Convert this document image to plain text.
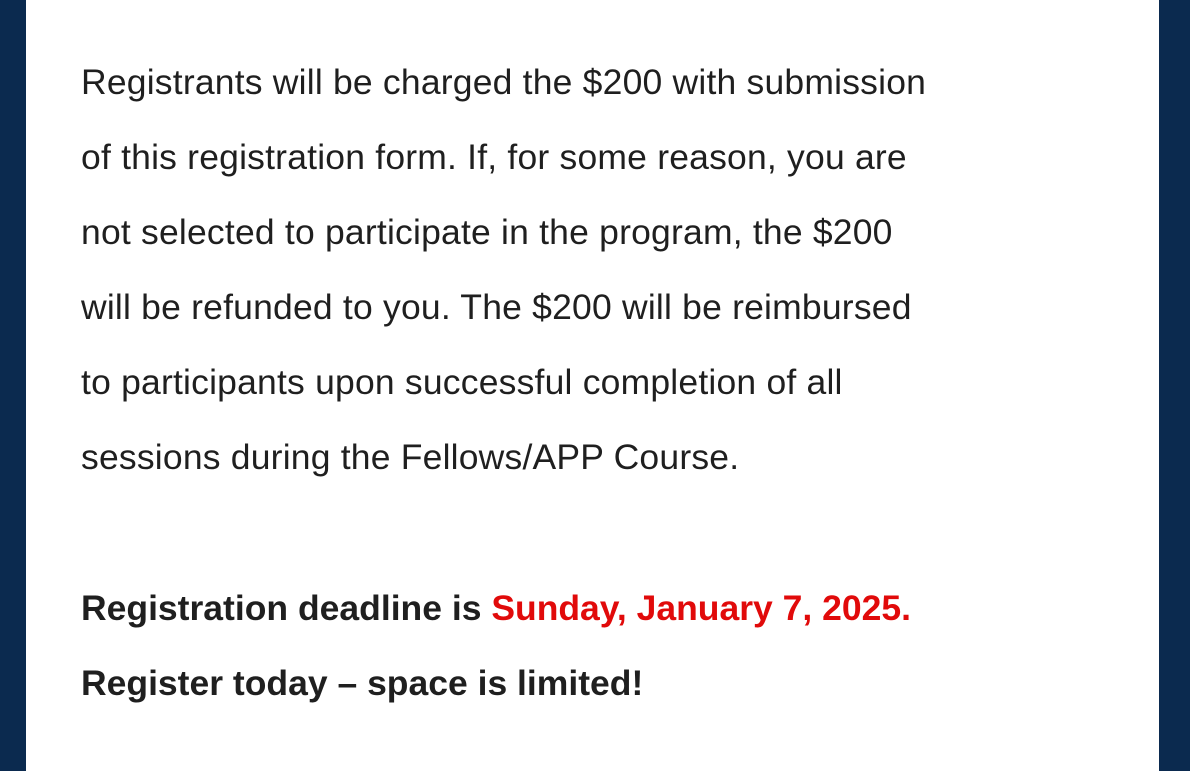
Registrants will be charged the $200 with submission
of this registration form. If, for some reason, you are
not selected to participate in the program, the $200
will be refunded to you. The $200 will be reimbursed
to participants upon successful completion of all
sessions during the Fellows/APP Course.

Registration deadline is Sunday, January 7, 2025.
Register today – space is limited!
